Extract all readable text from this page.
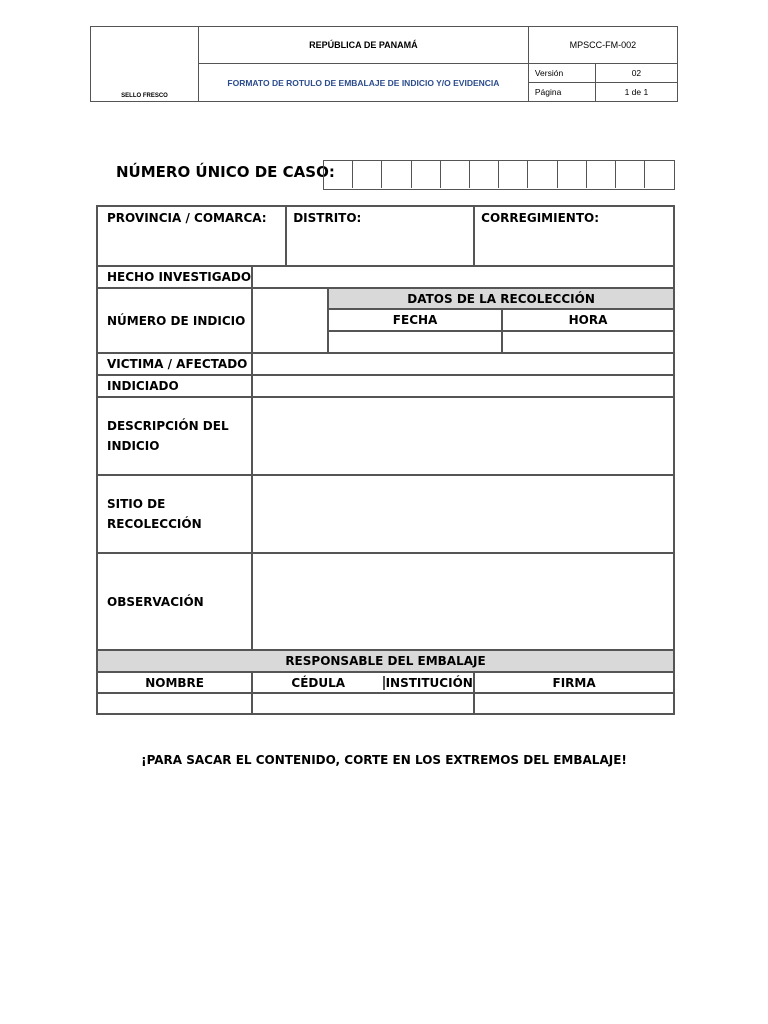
SELLO FRESCO	REPÚBLICA DE PANAMÁ	MPSCC-FM-002	
	FORMATO DE ROTULO DE EMBALAJE DE INDICIO Y/O EVIDENCIA	Versión	02
		Página	1 de 1
NÚMERO ÚNICO DE CASO:
PROVINCIA / COMARCA:		DISTRITO:		CORREGIMIENTO:	
HECHO INVESTIGADO					
NÚMERO DE INDICIO			DATOS DE LA RECOLECCIÓN		
			FECHA		HORA

VICTIMA / AFECTADO					
INDICIADO					
DESCRIPCIÓN DEL
INDICIO					
SITIO DE
RECOLECCIÓN					
OBSERVACIÓN					
RESPONSABLE DEL EMBALAJE					
NOMBRE	CÉDULA INSTITUCIÓN			FIRMA	

¡PARA SACAR EL CONTENIDO, CORTE EN LOS EXTREMOS DEL EMBALAJE!
